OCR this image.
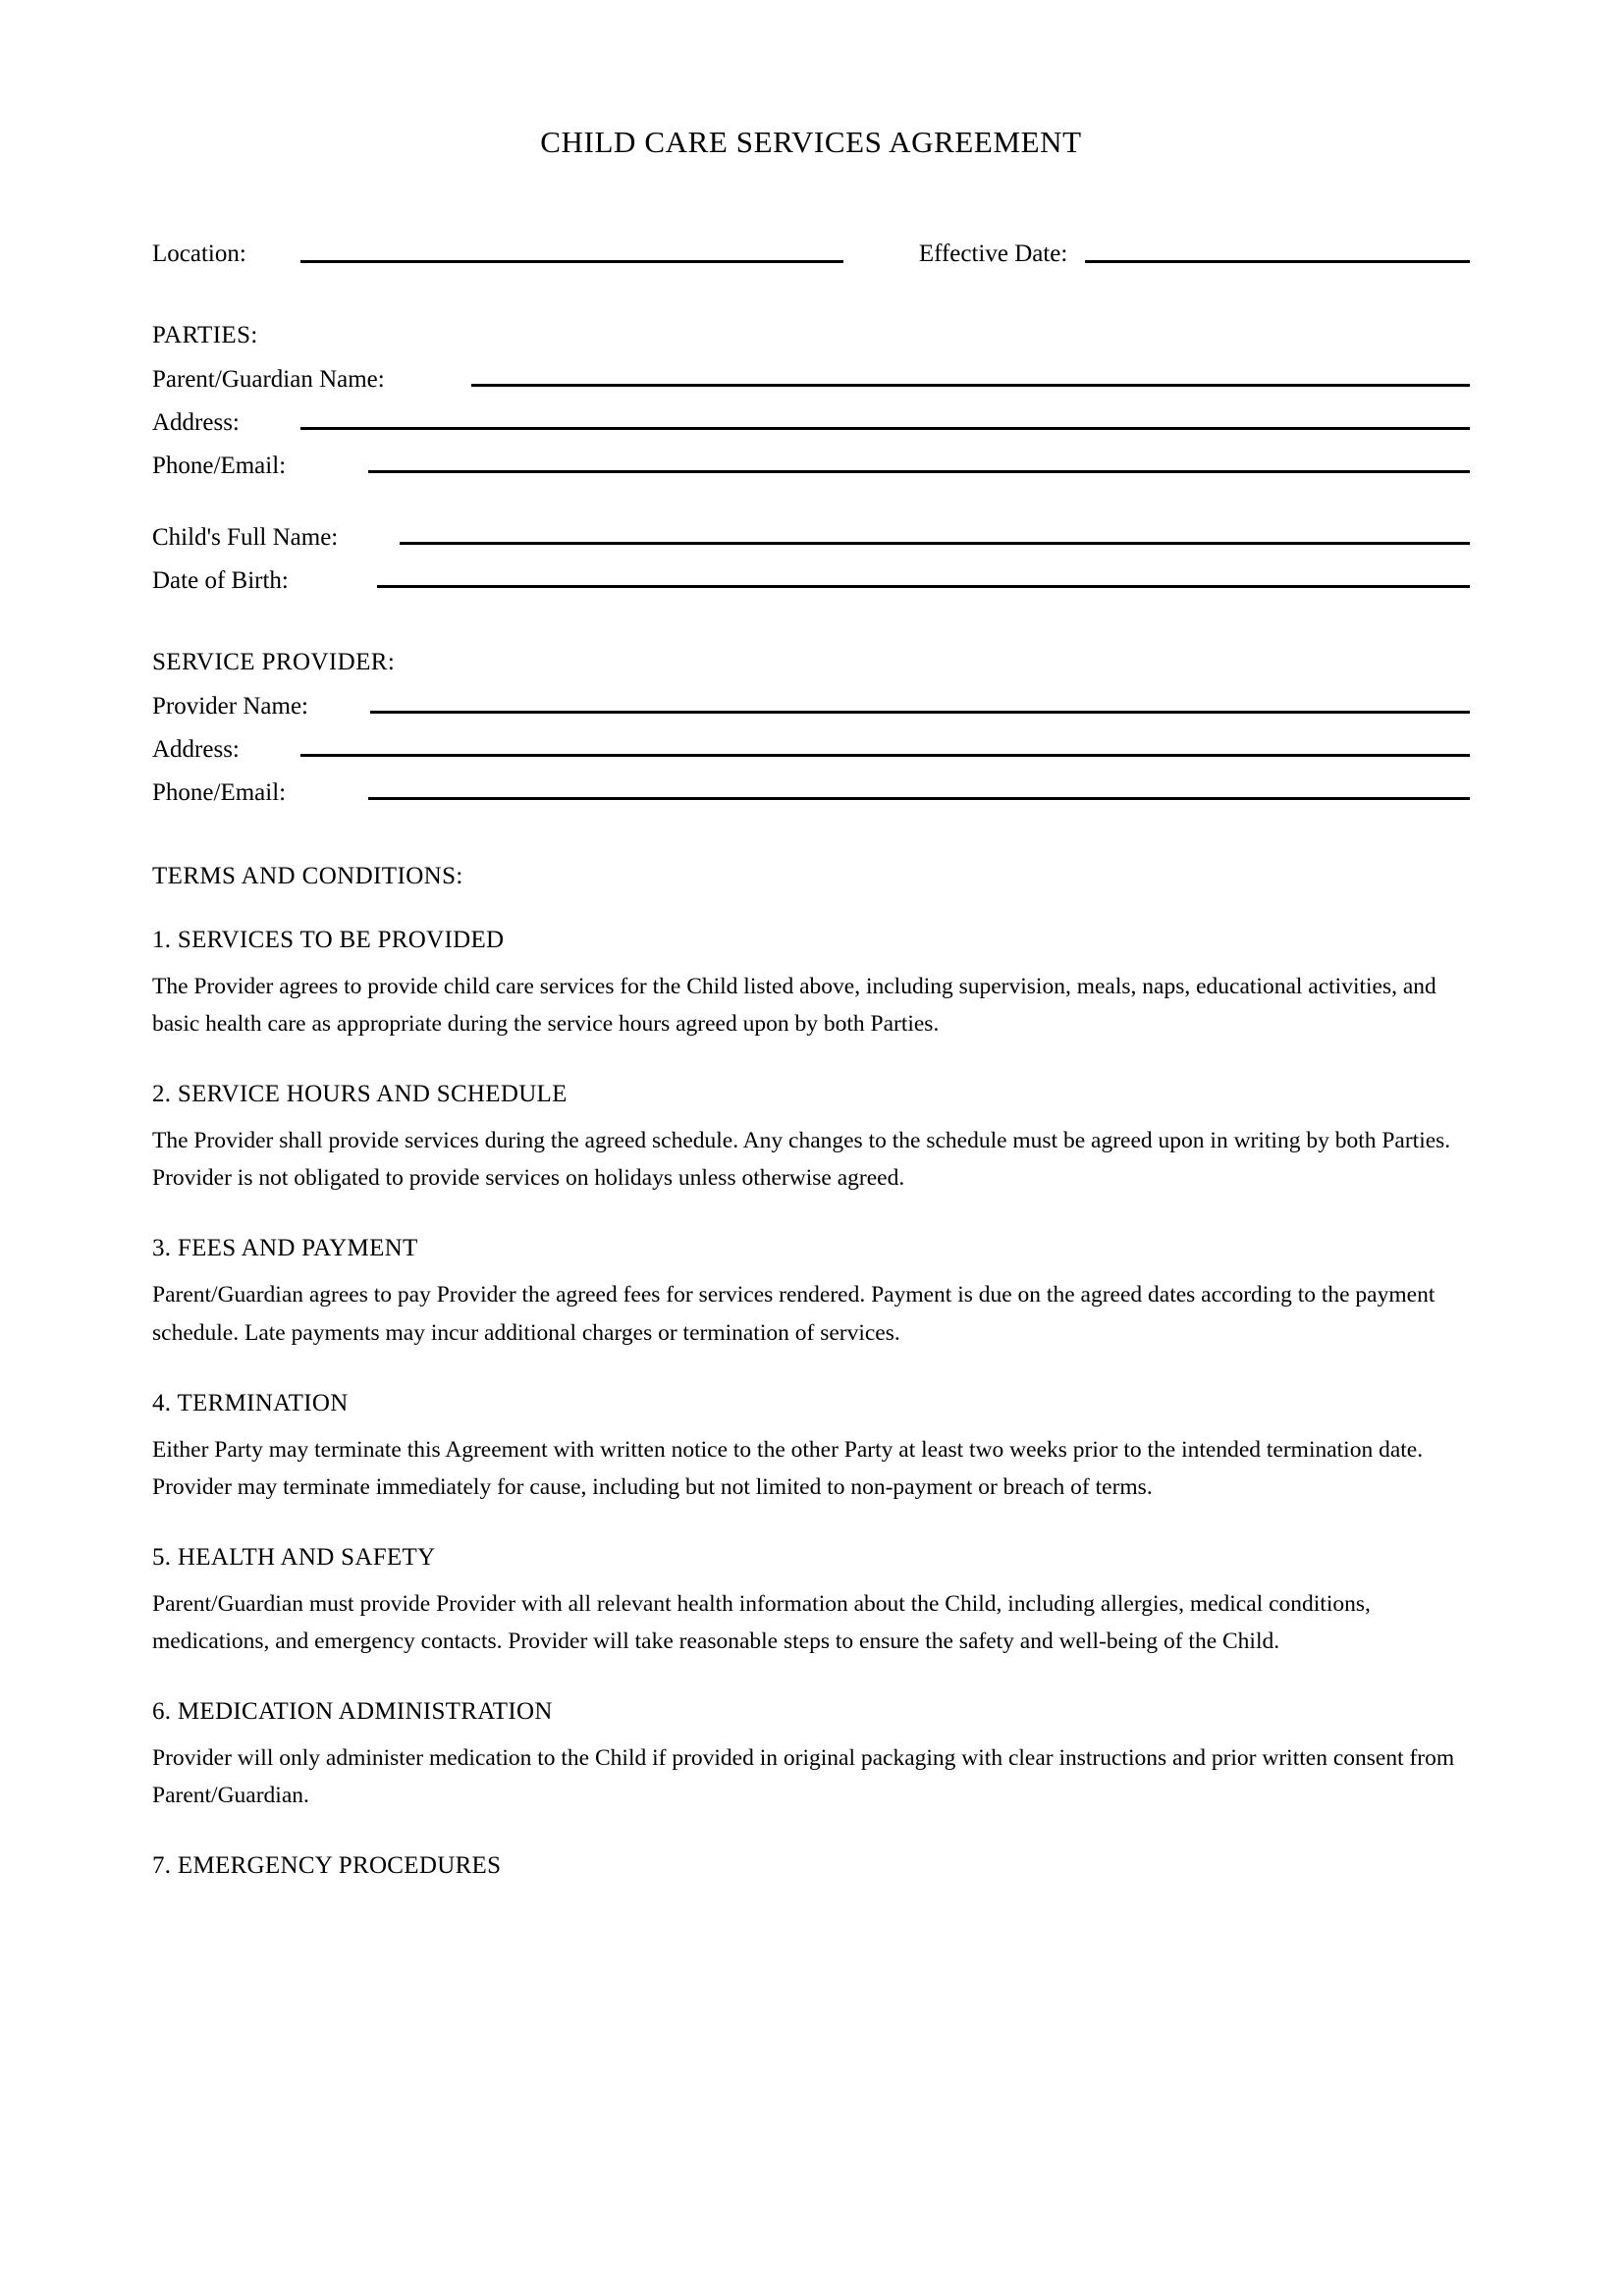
CHILD CARE SERVICES AGREEMENT
Location:	Effective Date:
PARTIES:
Parent/Guardian Name:
Address:
Phone/Email:
Child's Full Name:
Date of Birth:
SERVICE PROVIDER:
Provider Name:
Address:
Phone/Email:
TERMS AND CONDITIONS:
1. SERVICES TO BE PROVIDED

The Provider agrees to provide child care services for the Child listed above, including supervision, meals, naps, educational activities, and basic health care as appropriate during the service hours agreed upon by both Parties.

2. SERVICE HOURS AND SCHEDULE

The Provider shall provide services during the agreed schedule. Any changes to the schedule must be agreed upon in writing by both Parties. Provider is not obligated to provide services on holidays unless otherwise agreed.

3. FEES AND PAYMENT

Parent/Guardian agrees to pay Provider the agreed fees for services rendered. Payment is due on the agreed dates according to the payment schedule. Late payments may incur additional charges or termination of services.

4. TERMINATION

Either Party may terminate this Agreement with written notice to the other Party at least two weeks prior to the intended termination date. Provider may terminate immediately for cause, including but not limited to non-payment or breach of terms.

5. HEALTH AND SAFETY

Parent/Guardian must provide Provider with all relevant health information about the Child, including allergies, medical conditions, medications, and emergency contacts. Provider will take reasonable steps to ensure the safety and well-being of the Child.

6. MEDICATION ADMINISTRATION

Provider will only administer medication to the Child if provided in original packaging with clear instructions and prior written consent from Parent/Guardian.

7. EMERGENCY PROCEDURES
